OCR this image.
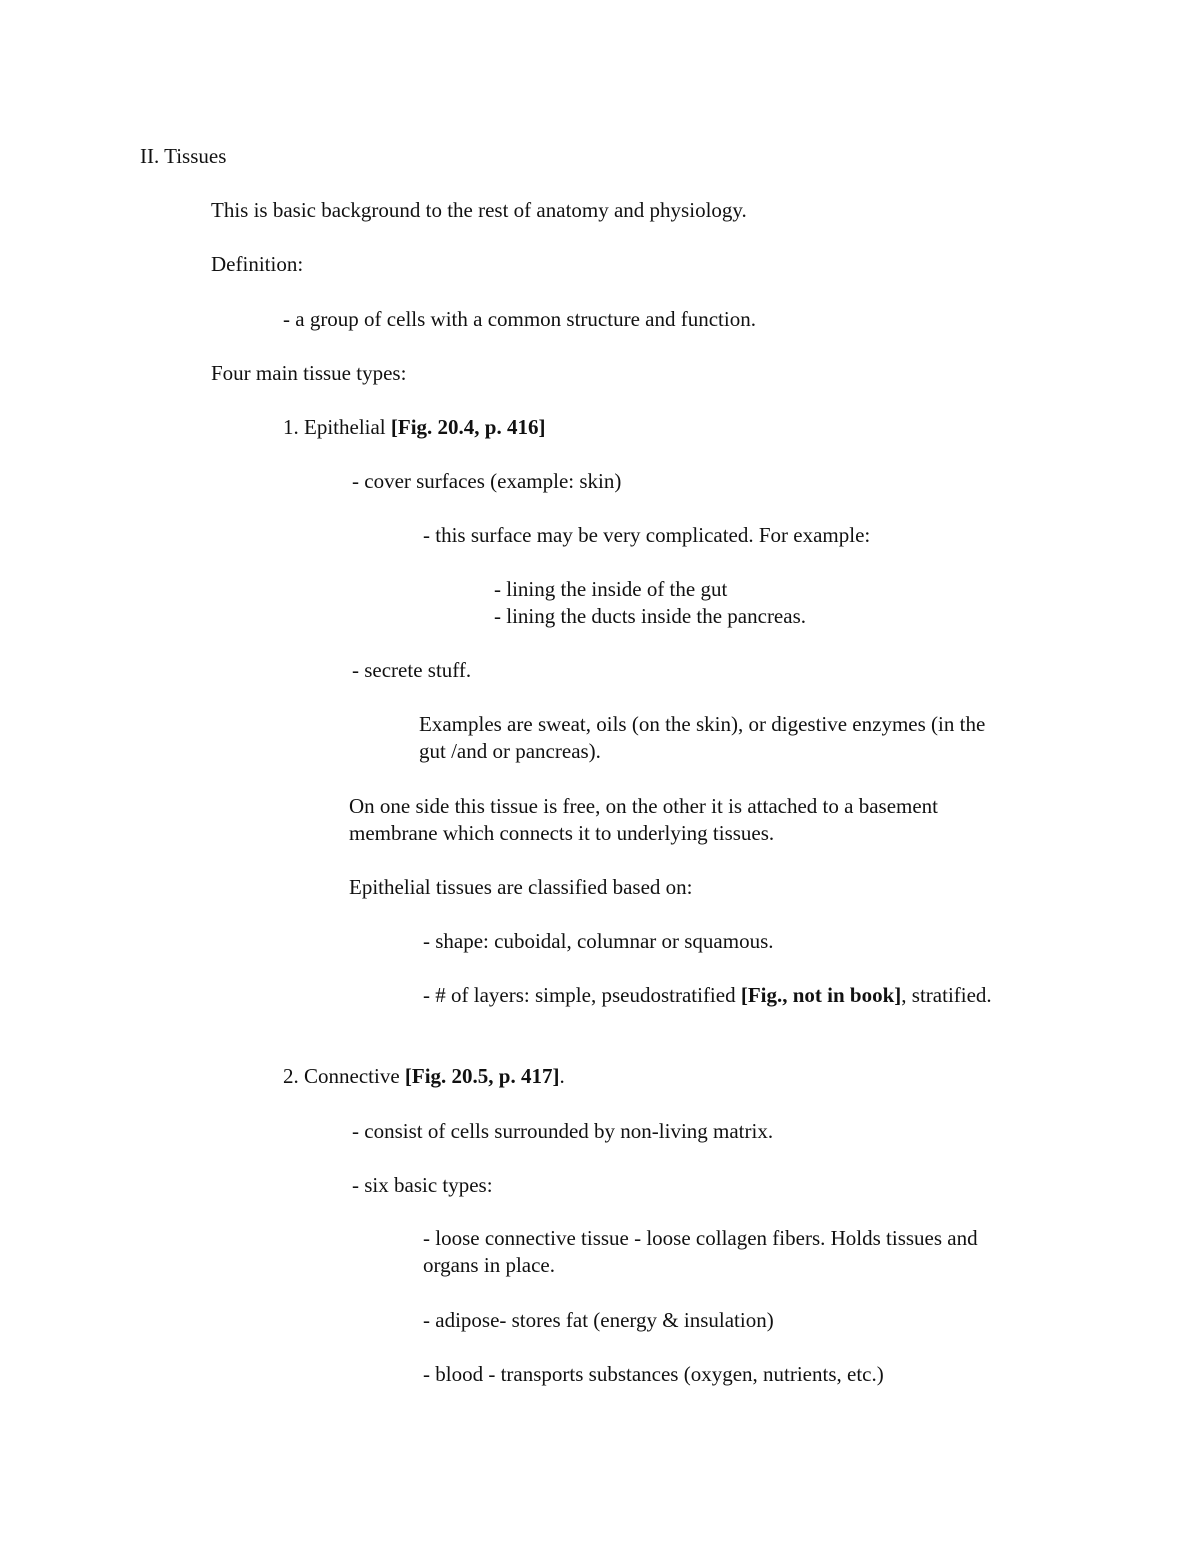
II. Tissues
This is basic background to the rest of anatomy and physiology.
Definition:
- a group of cells with a common structure and function.
Four main tissue types:
1. Epithelial [Fig. 20.4, p. 416]
- cover surfaces (example: skin)
- this surface may be very complicated. For example:
- lining the inside of the gut
- lining the ducts inside the pancreas.
- secrete stuff.
Examples are sweat, oils (on the skin), or digestive enzymes (in the
gut /and or pancreas).
On one side this tissue is free, on the other it is attached to a basement
membrane which connects it to underlying tissues.
Epithelial tissues are classified based on:
- shape: cuboidal, columnar or squamous.
- # of layers: simple, pseudostratified [Fig., not in book], stratified.
2. Connective [Fig. 20.5, p. 417].
- consist of cells surrounded by non-living matrix.
- six basic types:
- loose connective tissue - loose collagen fibers. Holds tissues and
organs in place.
- adipose- stores fat (energy & insulation)
- blood - transports substances (oxygen, nutrients, etc.)
